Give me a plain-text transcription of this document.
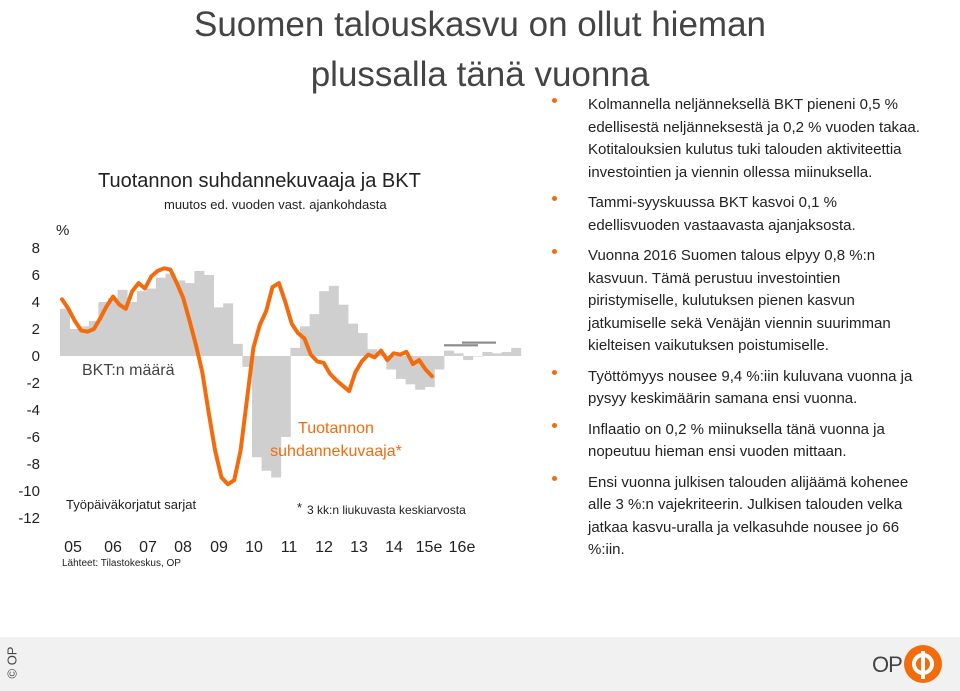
Suomen talouskasvu on ollut hieman
plussalla tänä vuonna
Tuotannon suhdannekuvaaja ja BKT
muutos ed. vuoden vast. ajankohdasta
%
8
6
4
2
0
-2
-4
-6
-8
-10
-12
05 06 07 08 09 10 11 12 13 14 15e 16e
BKT:n määrä
Tuotannon
suhdannekuvaaja*
Työpäiväkorjatut sarjat	* 3 kk:n liukuvasta keskiarvosta
Lähteet: Tilastokeskus, OP
Kolmannella neljänneksellä BKT pieneni 0,5 % edellisestä neljänneksestä ja 0,2 % vuoden takaa. Kotitalouksien kulutus tuki talouden aktiviteettia investointien ja viennin ollessa miinuksella.
Tammi-syyskuussa BKT kasvoi 0,1 % edellisvuoden vastaavasta ajanjaksosta.
Vuonna 2016 Suomen talous elpyy 0,8 %:n kasvuun. Tämä perustuu investointien piristymiselle, kulutuksen pienen kasvun jatkumiselle sekä Venäjän viennin suurimman kielteisen vaikutuksen poistumiselle.
Työttömyys nousee 9,4 %:iin kuluvana vuonna ja pysyy keskimäärin samana ensi vuonna.
Inflaatio on 0,2 % miinuksella tänä vuonna ja nopeutuu hieman ensi vuoden mittaan.
Ensi vuonna julkisen talouden alijäämä kohenee alle 3 %:n vajekriteerin. Julkisen talouden velka jatkaa kasvu-uralla ja velkasuhde nousee jo 66 %:iin.
© OP	OP
